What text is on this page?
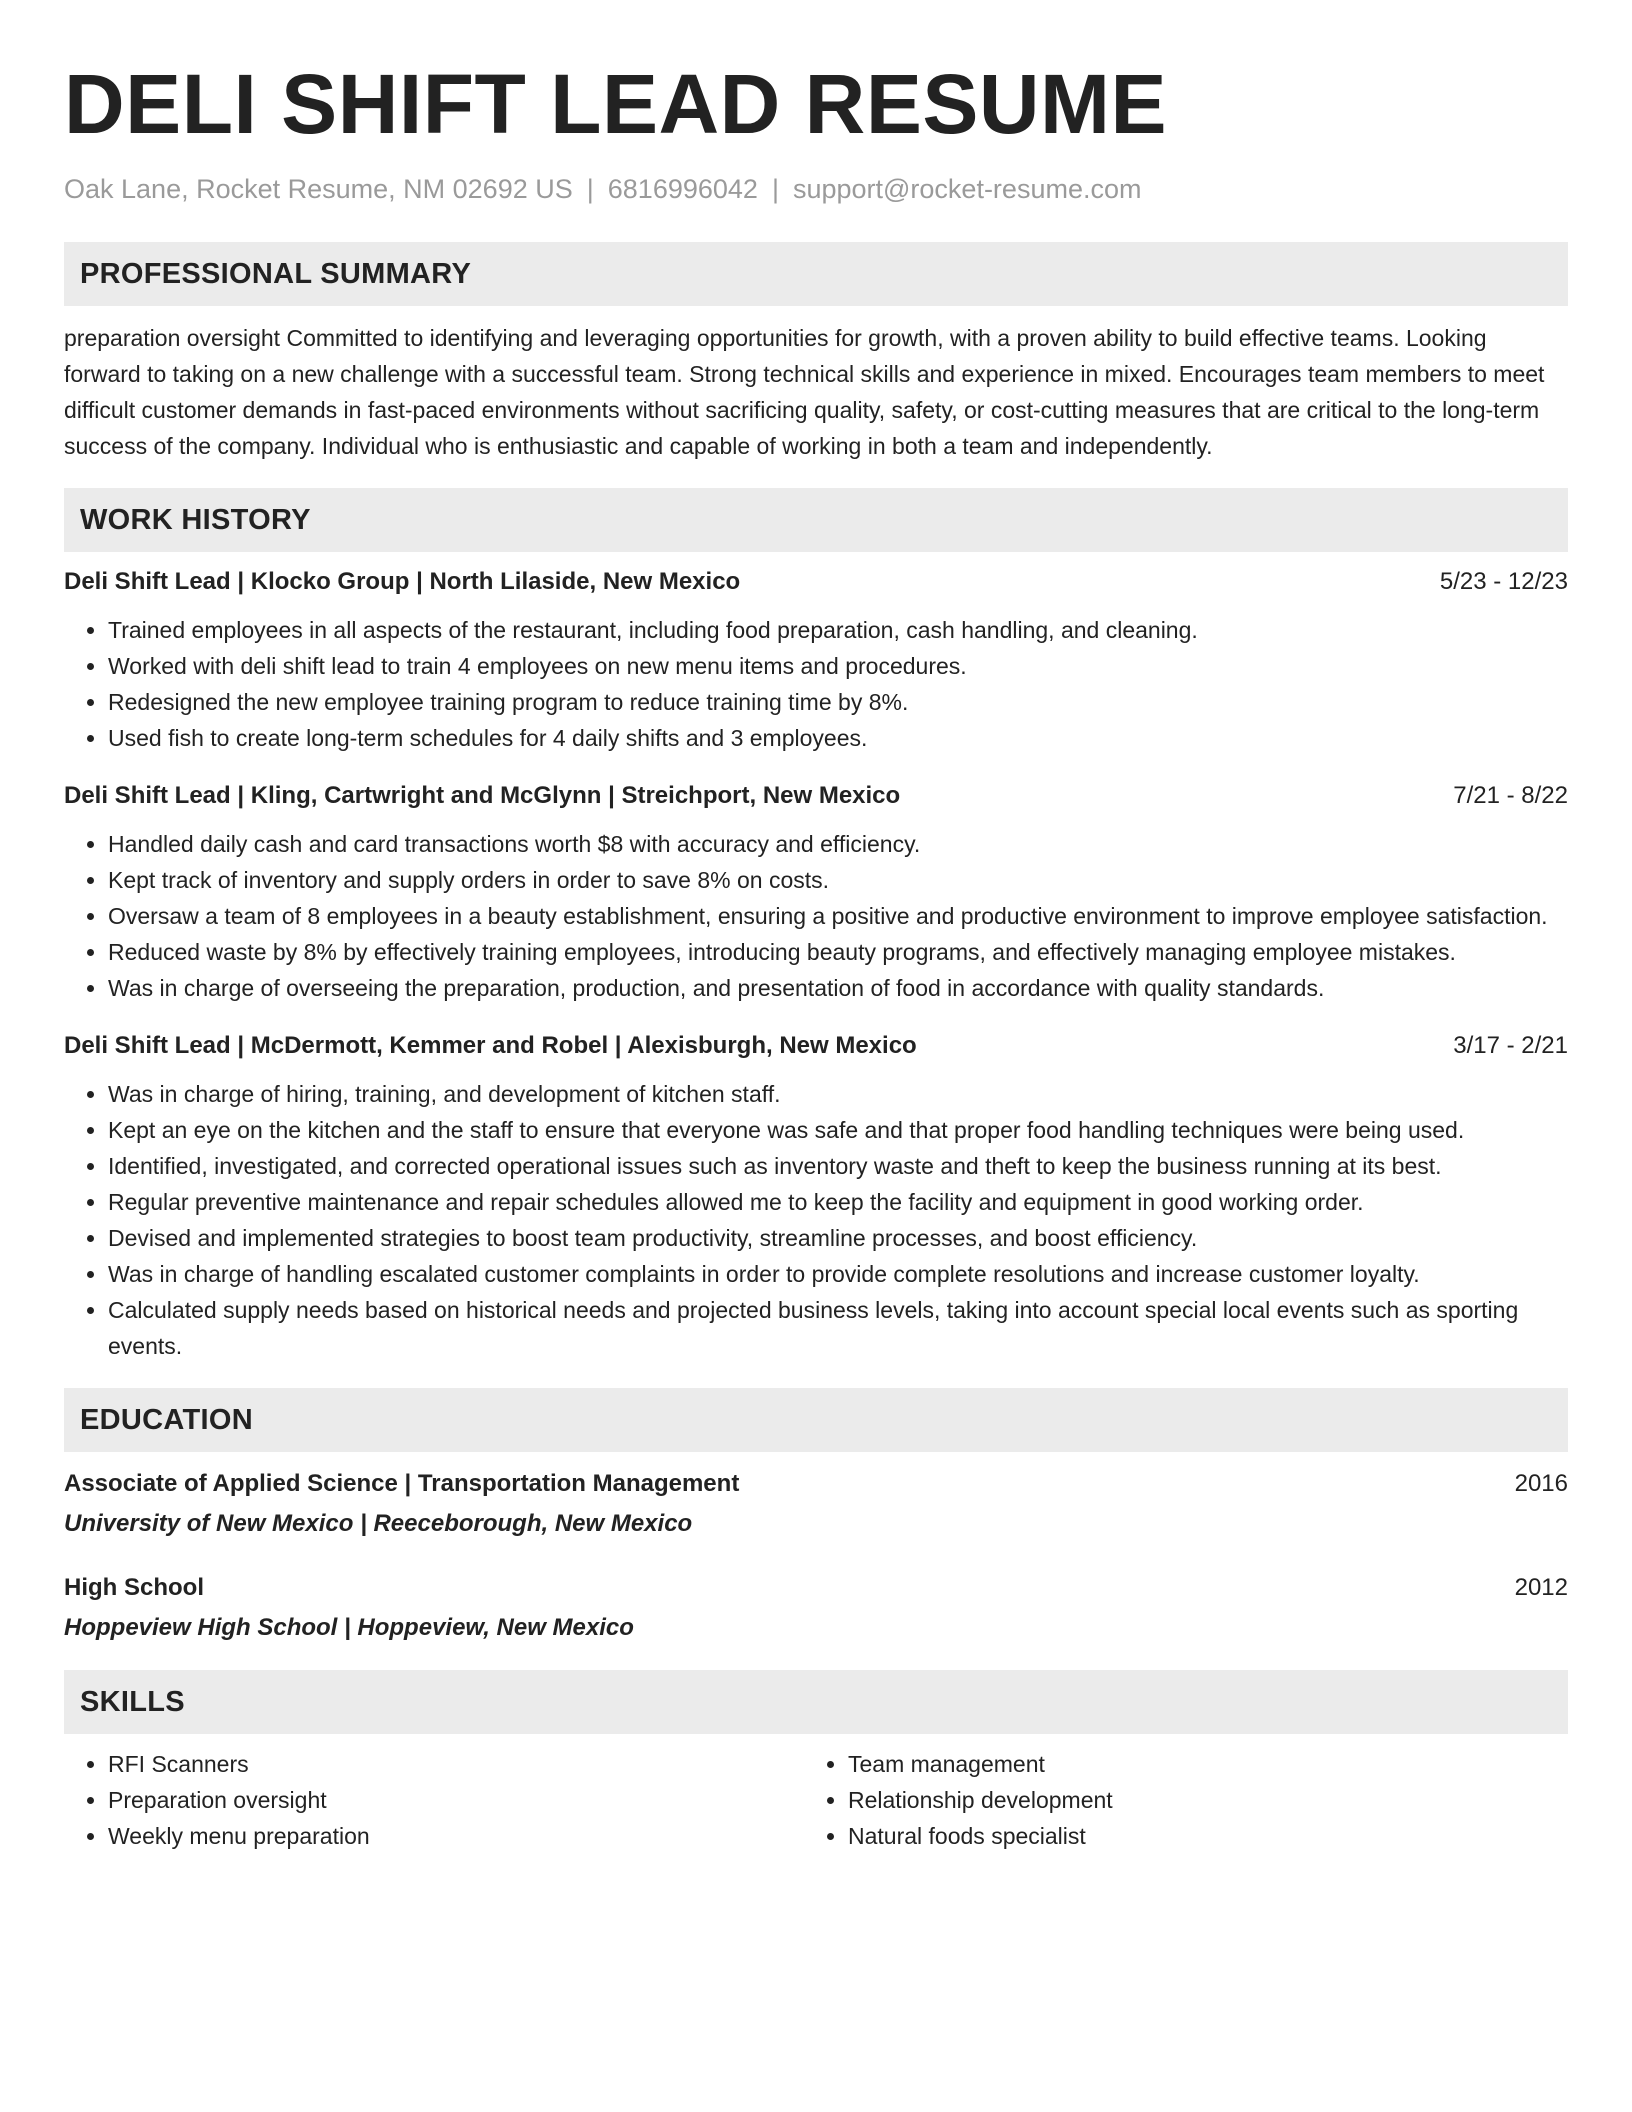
DELI SHIFT LEAD RESUME
Oak Lane, Rocket Resume, NM 02692 US | 6816996042 | support@rocket-resume.com
PROFESSIONAL SUMMARY
preparation oversight Committed to identifying and leveraging opportunities for growth, with a proven ability to build effective teams. Looking forward to taking on a new challenge with a successful team. Strong technical skills and experience in mixed. Encourages team members to meet difficult customer demands in fast-paced environments without sacrificing quality, safety, or cost-cutting measures that are critical to the long-term success of the company. Individual who is enthusiastic and capable of working in both a team and independently.
WORK HISTORY
Deli Shift Lead | Klocko Group | North Lilaside, New Mexico	5/23 - 12/23
• Trained employees in all aspects of the restaurant, including food preparation, cash handling, and cleaning.
• Worked with deli shift lead to train 4 employees on new menu items and procedures.
• Redesigned the new employee training program to reduce training time by 8%.
• Used fish to create long-term schedules for 4 daily shifts and 3 employees.
Deli Shift Lead | Kling, Cartwright and McGlynn | Streichport, New Mexico	7/21 - 8/22
• Handled daily cash and card transactions worth $8 with accuracy and efficiency.
• Kept track of inventory and supply orders in order to save 8% on costs.
• Oversaw a team of 8 employees in a beauty establishment, ensuring a positive and productive environment to improve employee satisfaction.
• Reduced waste by 8% by effectively training employees, introducing beauty programs, and effectively managing employee mistakes.
• Was in charge of overseeing the preparation, production, and presentation of food in accordance with quality standards.
Deli Shift Lead | McDermott, Kemmer and Robel | Alexisburgh, New Mexico	3/17 - 2/21
• Was in charge of hiring, training, and development of kitchen staff.
• Kept an eye on the kitchen and the staff to ensure that everyone was safe and that proper food handling techniques were being used.
• Identified, investigated, and corrected operational issues such as inventory waste and theft to keep the business running at its best.
• Regular preventive maintenance and repair schedules allowed me to keep the facility and equipment in good working order.
• Devised and implemented strategies to boost team productivity, streamline processes, and boost efficiency.
• Was in charge of handling escalated customer complaints in order to provide complete resolutions and increase customer loyalty.
• Calculated supply needs based on historical needs and projected business levels, taking into account special local events such as sporting events.
EDUCATION
Associate of Applied Science | Transportation Management	2016
University of New Mexico | Reeceborough, New Mexico
High School	2012
Hoppeview High School | Hoppeview, New Mexico
SKILLS
• RFI Scanners
• Preparation oversight
• Weekly menu preparation
• Team management
• Relationship development
• Natural foods specialist
